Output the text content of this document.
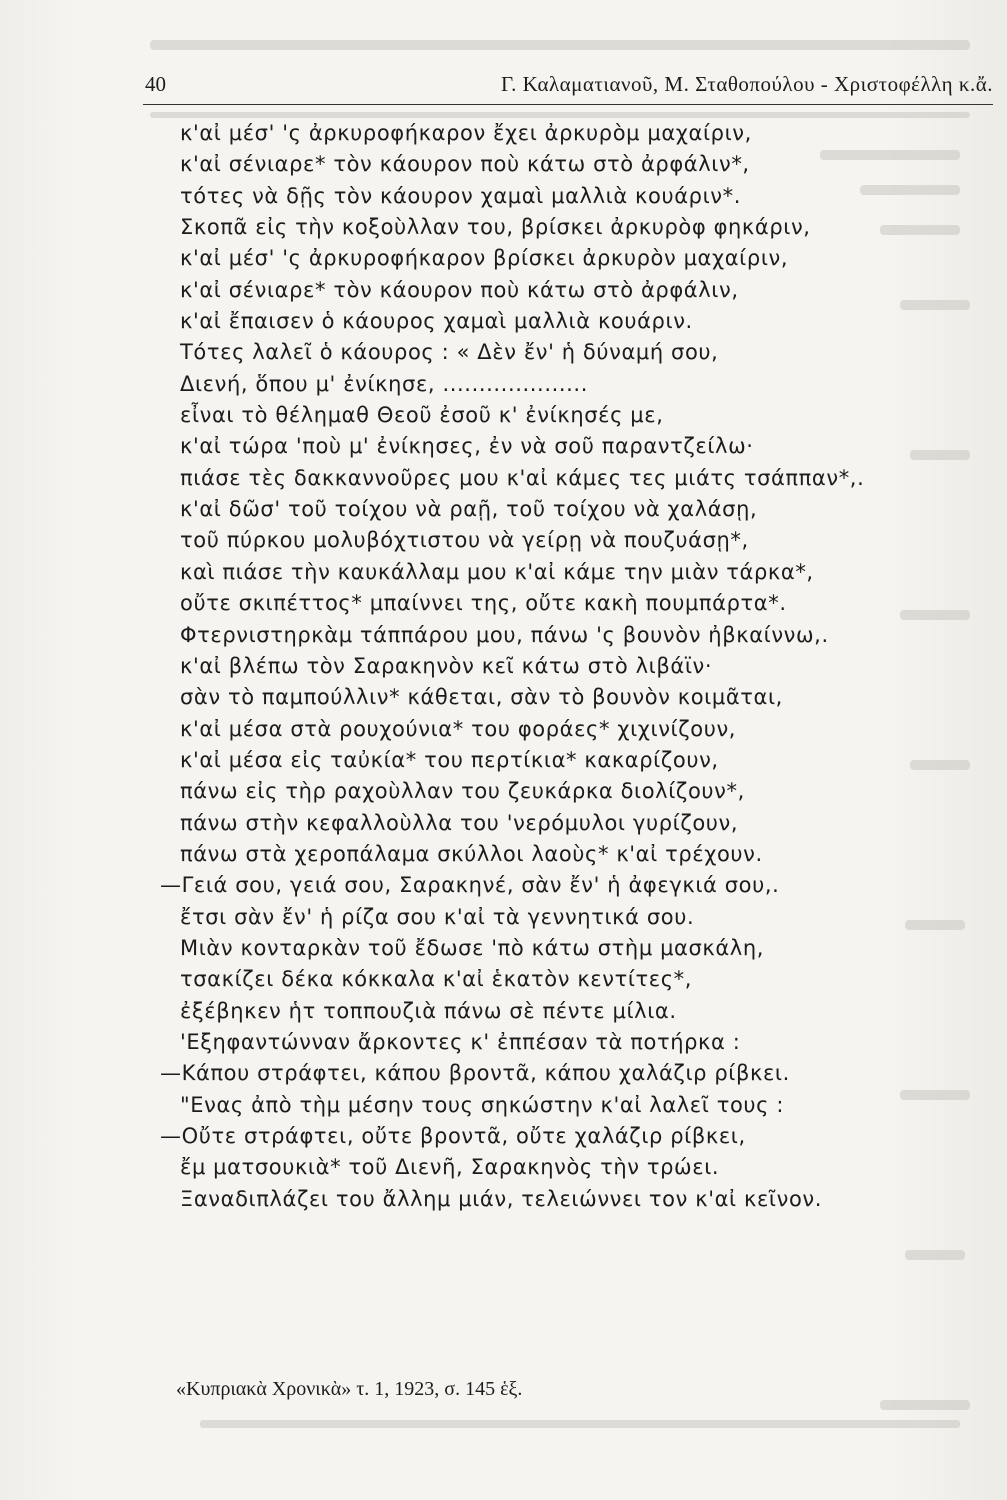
40	Γ. Καλαματιανοῦ, Μ. Σταθοπούλου - Χριστοφέλλη κ.ἄ.
κ'αἰ μέσ' 'ς ἀρκυροφήκαρον ἔχει ἀρκυρὸμ μαχαίριν,
κ'αἰ σένιαρε* τὸν κάουρον ποὺ κάτω στὸ ἀρφάλιν*,
τότες νὰ δῇς τὸν κάουρον χαμαὶ μαλλιὰ κουάριν*.
Σκοπᾶ εἰς τὴν κοξοὺλλαν του, βρίσκει ἀρκυρὸφ φηκάριν,
κ'αἰ μέσ' 'ς ἀρκυροφήκαρον βρίσκει ἀρκυρὸν μαχαίριν,
κ'αἰ σένιαρε* τὸν κάουρον ποὺ κάτω στὸ ἀρφάλιν,
κ'αἰ ἔπαισεν ὁ κάουρος χαμαὶ μαλλιὰ κουάριν.
Τότες λαλεῖ ὁ κάουρος : « Δὲν ἔν' ἡ δύναμή σου,
Διενή, ὅπου μ' ἐνίκησε, ....................
εἶναι τὸ θέλημαθ Θεοῦ ἐσοῦ κ' ἐνίκησές με,
κ'αἰ τώρα 'ποὺ μ' ἐνίκησες, ἐν νὰ σοῦ παραντζείλω·
πιάσε τὲς δακκαννοῦρες μου κ'αἰ κάμες τες μιάτς τσάππαν*,.
κ'αἰ δῶσ' τοῦ τοίχου νὰ ραῇ, τοῦ τοίχου νὰ χαλάσῃ,
τοῦ πύρκου μολυβόχτιστου νὰ γείρῃ νὰ πουζυάσῃ*,
καὶ πιάσε τὴν καυκάλλαμ μου κ'αἰ κάμε την μιὰν τάρκα*,
οὔτε σκιπέττος* μπαίννει της, οὔτε κακὴ πουμπάρτα*.
Φτερνιστηρκὰμ τάππάρου μου, πάνω 'ς βουνὸν ἠβκαίννω,.
κ'αἰ βλέπω τὸν Σαρακηνὸν κεῖ κάτω στὸ λιβάϊν·
σὰν τὸ παμπούλλιν* κάθεται, σὰν τὸ βουνὸν κοιμᾶται,
κ'αἰ μέσα στὰ ρουχούνια* του φοράες* χιχινίζουν,
κ'αἰ μέσα εἰς ταὐκία* του περτίκια* κακαρίζουν,
πάνω εἰς τὴρ ραχοὺλλαν του ζευκάρκα διολίζουν*,
πάνω στὴν κεφαλλοὺλλα του 'νερόμυλοι γυρίζουν,
πάνω στὰ χεροπάλαμα σκύλλοι λαοὺς* κ'αἰ τρέχουν.
—Γειά σου, γειά σου, Σαρακηνέ, σὰν ἔν' ἡ ἀφεγκιά σου,.
ἔτσι σὰν ἔν' ἡ ρίζα σου κ'αἰ τὰ γεννητικά σου.
Μιὰν κονταρκὰν τοῦ ἔδωσε 'πὸ κάτω στὴμ μασκάλη,
τσακίζει δέκα κόκκαλα κ'αἰ ἑκατὸν κεντίτες*,
ἐξέβηκεν ἡτ τοππουζιὰ πάνω σὲ πέντε μίλια.
'Εξηφαντώνναν ἄρκοντες κ' ἐππέσαν τὰ ποτήρκα :
—Κάπου στράφτει, κάπου βροντᾶ, κάπου χαλάζιρ ρίβκει.
"Ενας ἀπὸ τὴμ μέσην τους σηκώστην κ'αἰ λαλεῖ τους :
—Οὔτε στράφτει, οὔτε βροντᾶ, οὔτε χαλάζιρ ρίβκει,
ἔμ ματσουκιὰ* τοῦ Διενῆ, Σαρακηνὸς τὴν τρώει.
Ξαναδιπλάζει του ἄλλημ μιάν, τελειώννει τον κ'αἰ κεῖνον.
«Κυπριακὰ Χρονικὰ» τ. 1, 1923, σ. 145 ἑξ.
